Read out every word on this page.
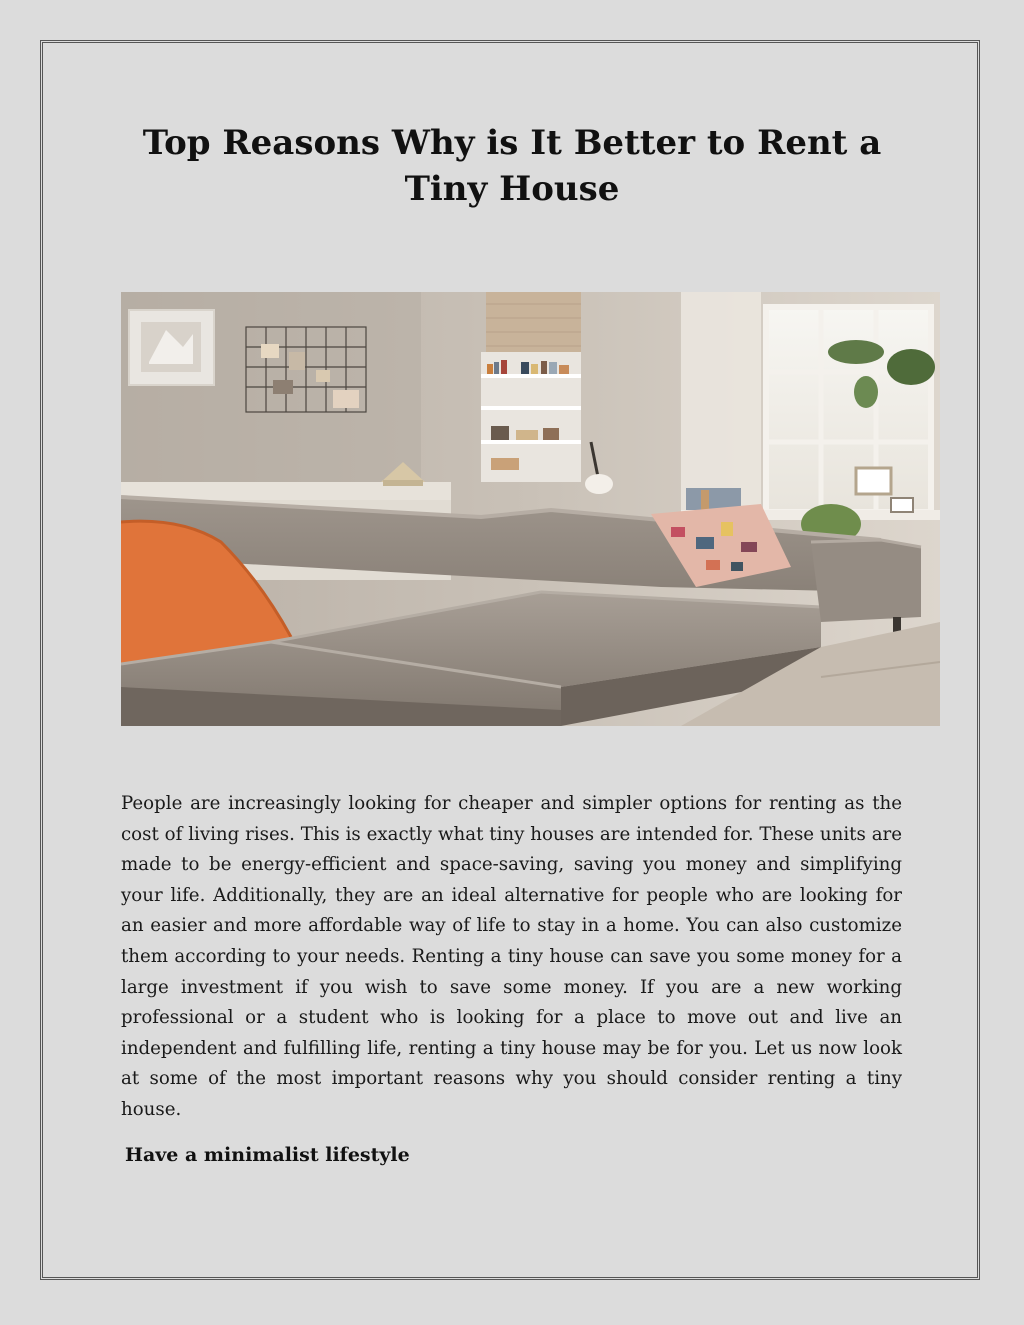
Top Reasons Why is It Better to Rent a Tiny House

People are increasingly looking for cheaper and simpler options for renting as the cost of living rises. This is exactly what tiny houses are intended for. These units are made to be energy-efficient and space-saving, saving you money and simplifying your life. Additionally, they are an ideal alternative for people who are looking for an easier and more affordable way of life to stay in a home. You can also customize them according to your needs. Renting a tiny house can save you some money for a large investment if you wish to save some money. If you are a new working professional or a student who is looking for a place to move out and live an independent and fulfilling life, renting a tiny house may be for you. Let us now look at some of the most important reasons why you should consider renting a tiny house.

Have a minimalist lifestyle
